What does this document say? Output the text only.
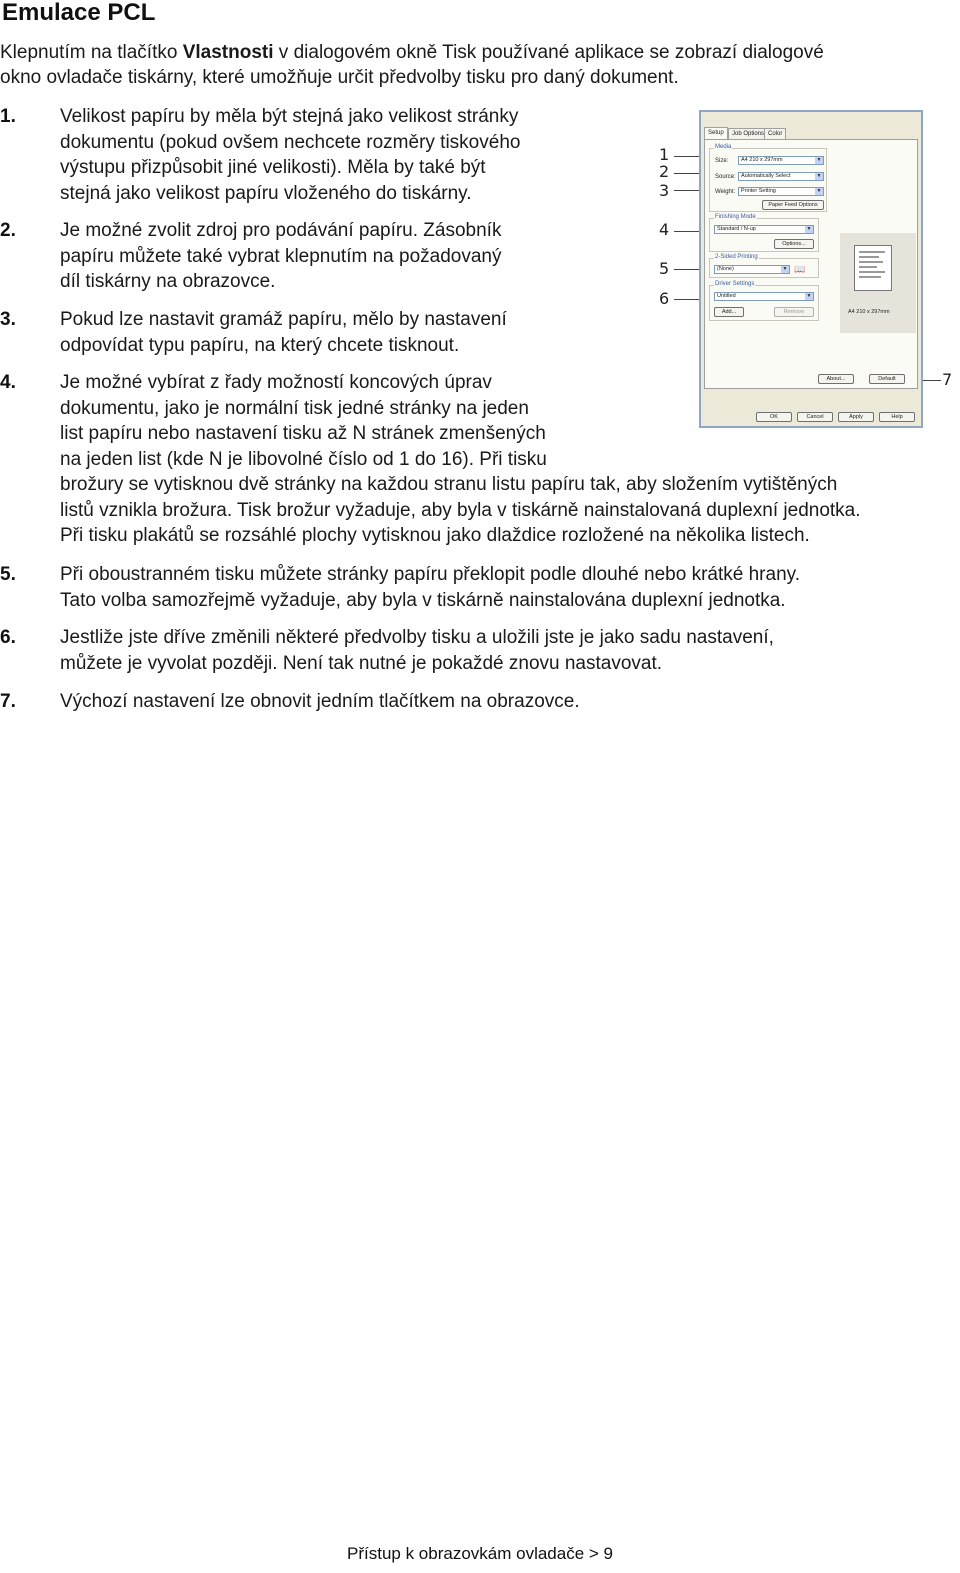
Emulace PCL
Klepnutím na tlačítko Vlastnosti v dialogovém okně Tisk používané aplikace se zobrazí dialogové
okno ovladače tiskárny, které umožňuje určit předvolby tisku pro daný dokument.
1. Velikost papíru by měla být stejná jako velikost stránky
dokumentu (pokud ovšem nechcete rozměry tiskového
výstupu přizpůsobit jiné velikosti). Měla by také být
stejná jako velikost papíru vloženého do tiskárny.
2. Je možné zvolit zdroj pro podávání papíru. Zásobník
papíru můžete také vybrat klepnutím na požadovaný
díl tiskárny na obrazovce.
3. Pokud lze nastavit gramáž papíru, mělo by nastavení
odpovídat typu papíru, na který chcete tisknout.
4. Je možné vybírat z řady možností koncových úprav
dokumentu, jako je normální tisk jedné stránky na jeden
list papíru nebo nastavení tisku až N stránek zmenšených
na jeden list (kde N je libovolné číslo od 1 do 16). Při tisku
brožury se vytisknou dvě stránky na každou stranu listu papíru tak, aby složením vytištěných
listů vznikla brožura. Tisk brožur vyžaduje, aby byla v tiskárně nainstalovaná duplexní jednotka.
Při tisku plakátů se rozsáhlé plochy vytisknou jako dlaždice rozložené na několika listech.
5. Při oboustranném tisku můžete stránky papíru překlopit podle dlouhé nebo krátké hrany.
Tato volba samozřejmě vyžaduje, aby byla v tiskárně nainstalována duplexní jednotka.
6. Jestliže jste dříve změnili některé předvolby tisku a uložili jste je jako sadu nastavení,
můžete je vyvolat později. Není tak nutné je pokaždé znovu nastavovat.
7. Výchozí nastavení lze obnovit jedním tlačítkem na obrazovce.
1
2
3
4
5
6
7
Setup	Job Options Color
Media
Size:	A4 210 x 297mm	▼
Source: Automatically Select	▼
Weight:	Printer Setting	▼
Paper Feed Options
Finishing Mode
Standard / N-up	▼
Options...
2-Sided Printing
(None)	▼ 📖
Driver Settings
Untitled	▼
Add...	Remove	A4 210 x 297mm
About...	Default
OK	Cancel	Apply	Help
Přístup k obrazovkám ovladače > 9
